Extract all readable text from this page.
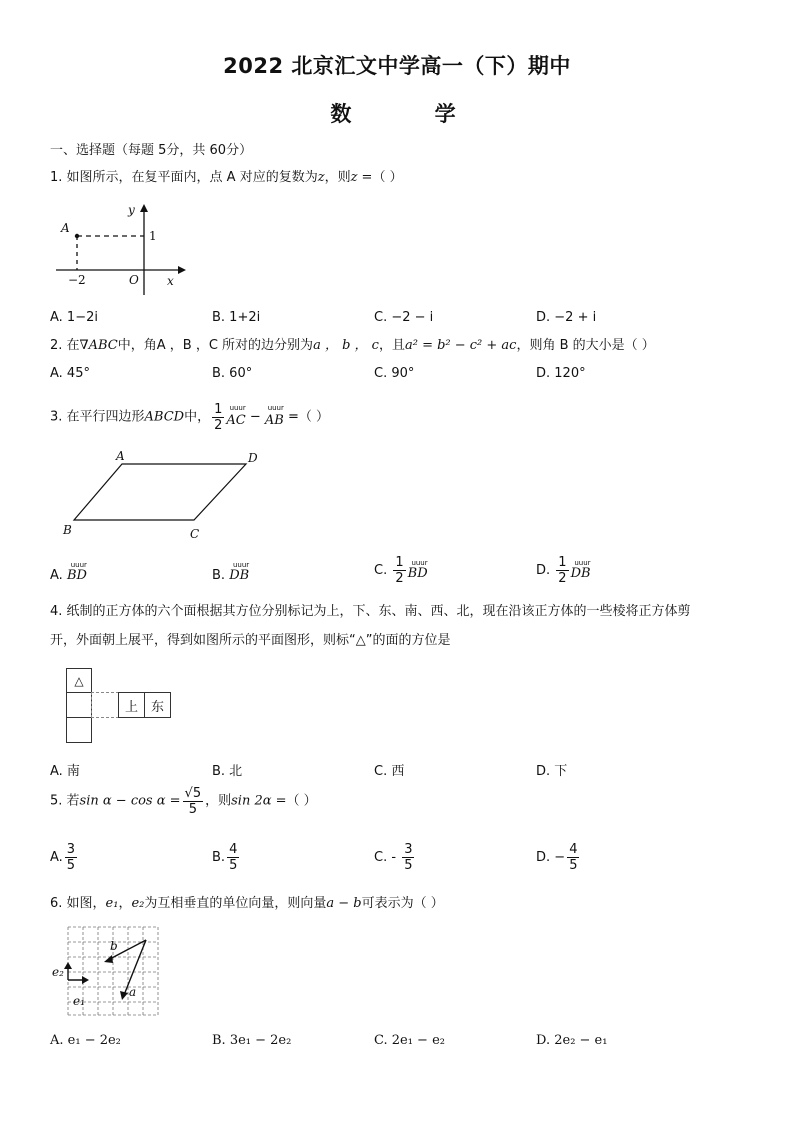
2022 北京汇文中学高一（下）期中
数 学
一、选择题（每题 5分，共 60分）
1. 如图所示，在复平面内，点 A 对应的复数为z，则z =（ ）
y
x
O
A
1
−2
A. 1−2i	B. 1+2i	C. −2 − i	D. −2 + i
2. 在∇ABC中，角A ，B ，C 所对的边分别为a ， b ， c，且a² = b² − c² + ac，则角 B 的大小是（ ）
A. 45°	B. 60°	C. 90°	D. 120°
3. 在平行四边形ABCD中， $\frac{1}{2}$ uuur
AC −
uuur
AB =（ ）
A	D
B	C
A.
uuur
BD	B.
uuur
DB	C. $\frac{1}{2}$ uuur
BD	D. $\frac{1}{2}$ uuur
DB
4. 纸制的正方体的六个面根据其方位分别标记为上，下、东、南、西、北，现在沿该正方体的一些棱将正方体剪
开，外面朝上展平，得到如图所示的平面图形，则标“△”的面的方位是
△
上 东
A. 南	B. 北	C. 西	D. 下
5. 若$\sin \alpha - \cos \alpha = \frac{√5}{5}$ ，则sin 2α =（ ）
A. $\frac{3}{5}$	B. $\frac{4}{5}$	C. - $\frac{3}{5}$	D. − $\frac{4}{5}$
6. 如图，e₁，e₂为互相垂直的单位向量，则向量a − b可表示为（ ）
b
a
e₂
e₁
A. e₁ − 2e₂	B. 3e₁ − 2e₂	C. 2e₁ − e₂	D. 2e₂ − e₁
